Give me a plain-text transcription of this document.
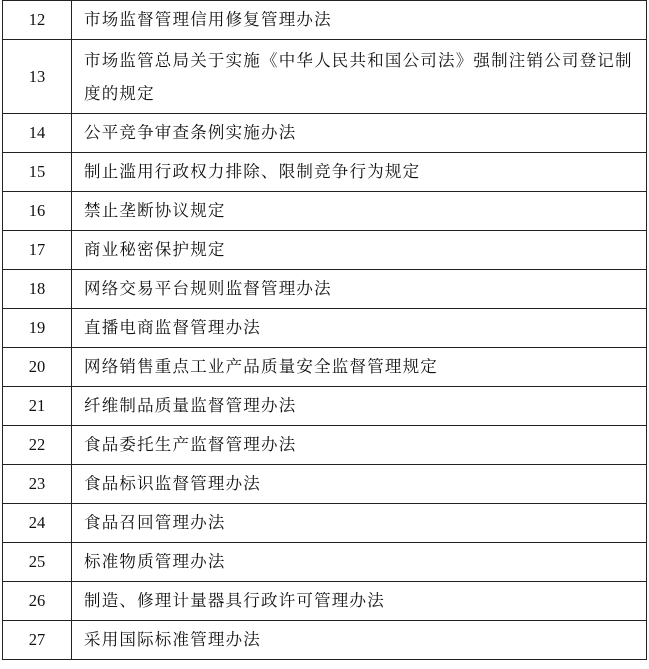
12	市场监督管理信用修复管理办法
13	市场监管总局关于实施《中华人民共和国公司法》强制注销公司登记制度的规定
14	公平竞争审查条例实施办法
15	制止滥用行政权力排除、限制竞争行为规定
16	禁止垄断协议规定
17	商业秘密保护规定
18	网络交易平台规则监督管理办法
19	直播电商监督管理办法
20	网络销售重点工业产品质量安全监督管理规定
21	纤维制品质量监督管理办法
22	食品委托生产监督管理办法
23	食品标识监督管理办法
24	食品召回管理办法
25	标准物质管理办法
26	制造、修理计量器具行政许可管理办法
27	采用国际标准管理办法
